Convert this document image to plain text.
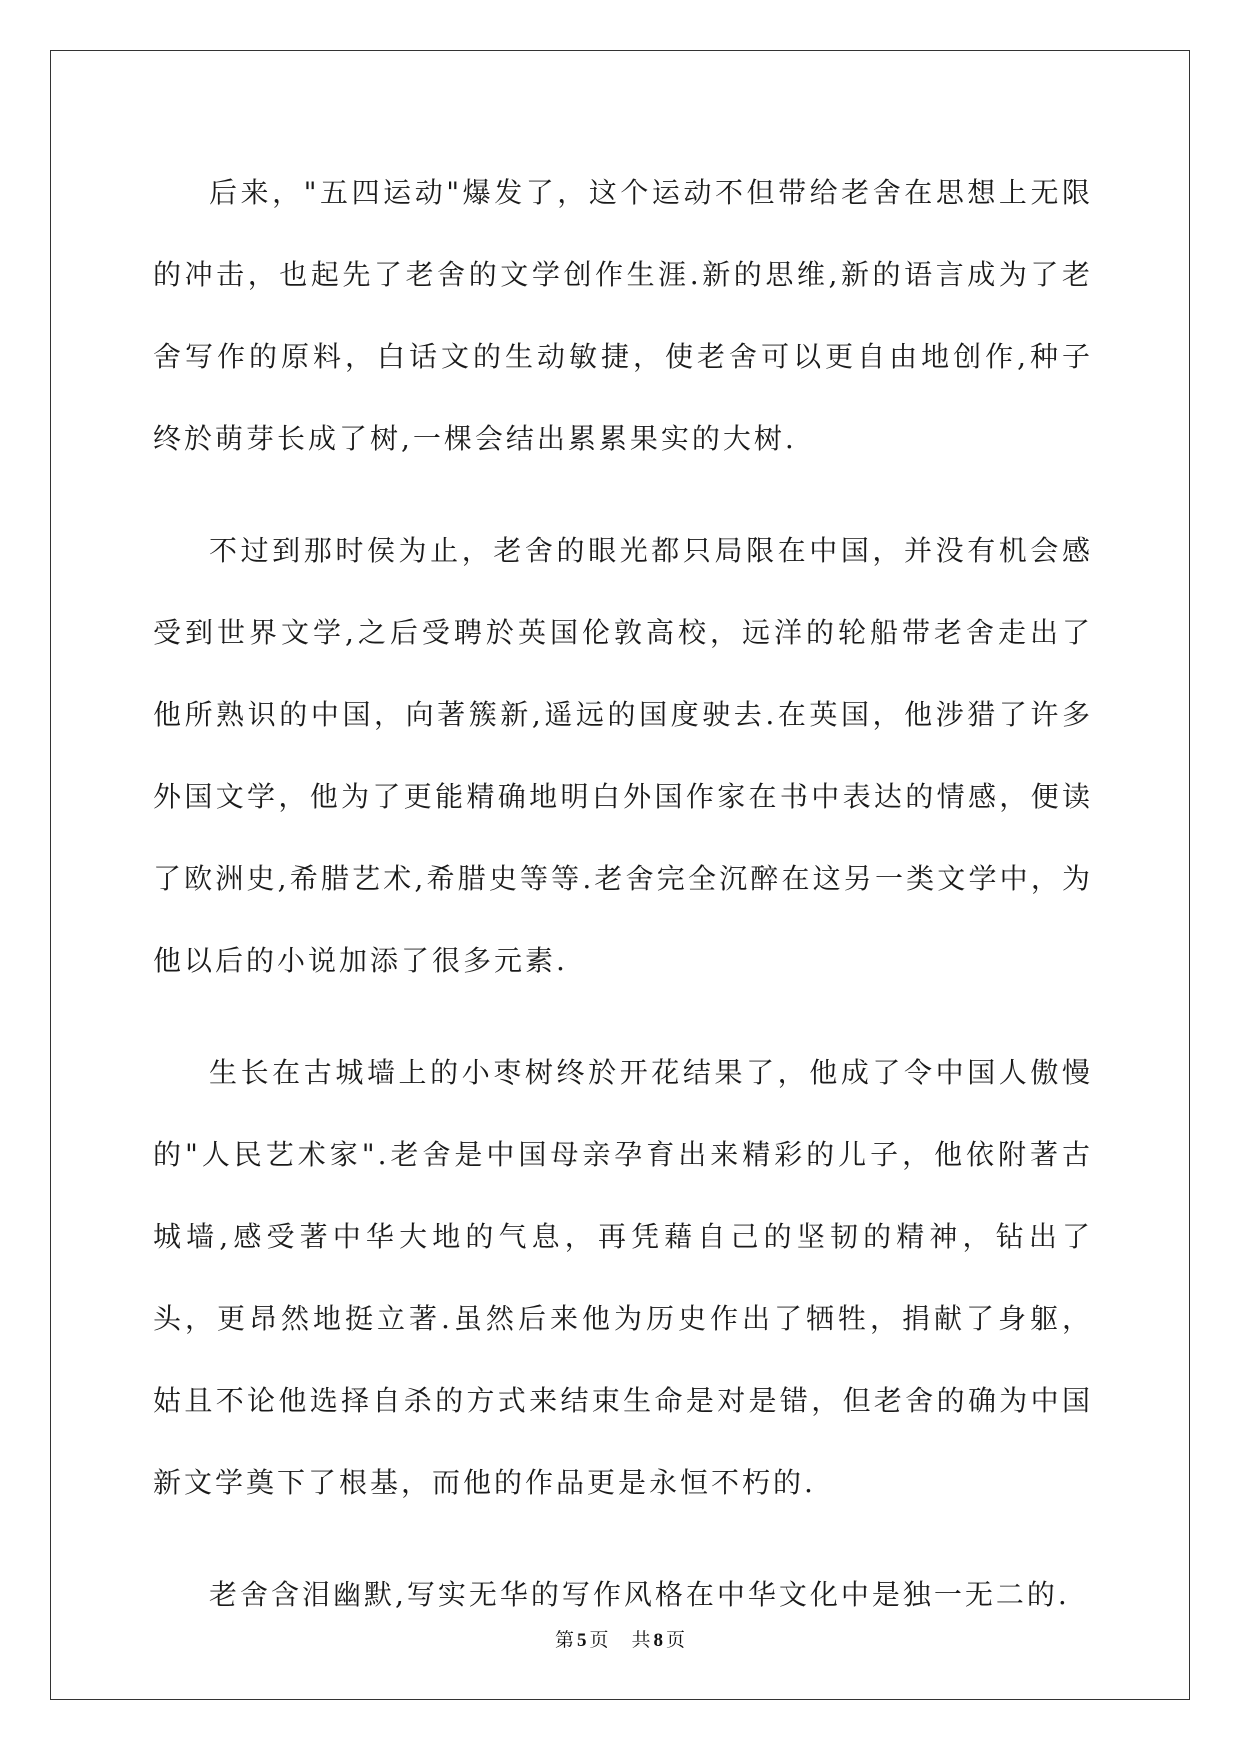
后来，"五四运动"爆发了，这个运动不但带给老舍在思想上无限的冲击，也起先了老舍的文学创作生涯.新的思维,新的语言成为了老舍写作的原料，白话文的生动敏捷，使老舍可以更自由地创作,种子终於萌芽长成了树,一棵会结出累累果实的大树.

不过到那时侯为止，老舍的眼光都只局限在中国，并没有机会感受到世界文学,之后受聘於英国伦敦高校，远洋的轮船带老舍走出了他所熟识的中国，向著簇新,遥远的国度驶去.在英国，他涉猎了许多外国文学，他为了更能精确地明白外国作家在书中表达的情感，便读了欧洲史,希腊艺术,希腊史等等.老舍完全沉醉在这另一类文学中，为他以后的小说加添了很多元素.

生长在古城墙上的小枣树终於开花结果了，他成了令中国人傲慢的"人民艺术家".老舍是中国母亲孕育出来精彩的儿子，他依附著古城墙,感受著中华大地的气息，再凭藉自己的坚韧的精神，钻出了头，更昂然地挺立著.虽然后来他为历史作出了牺牲，捐献了身躯，姑且不论他选择自杀的方式来结束生命是对是错，但老舍的确为中国新文学奠下了根基，而他的作品更是永恒不朽的.

老舍含泪幽默,写实无华的写作风格在中华文化中是独一无二的.

第 5 页 共 8 页
